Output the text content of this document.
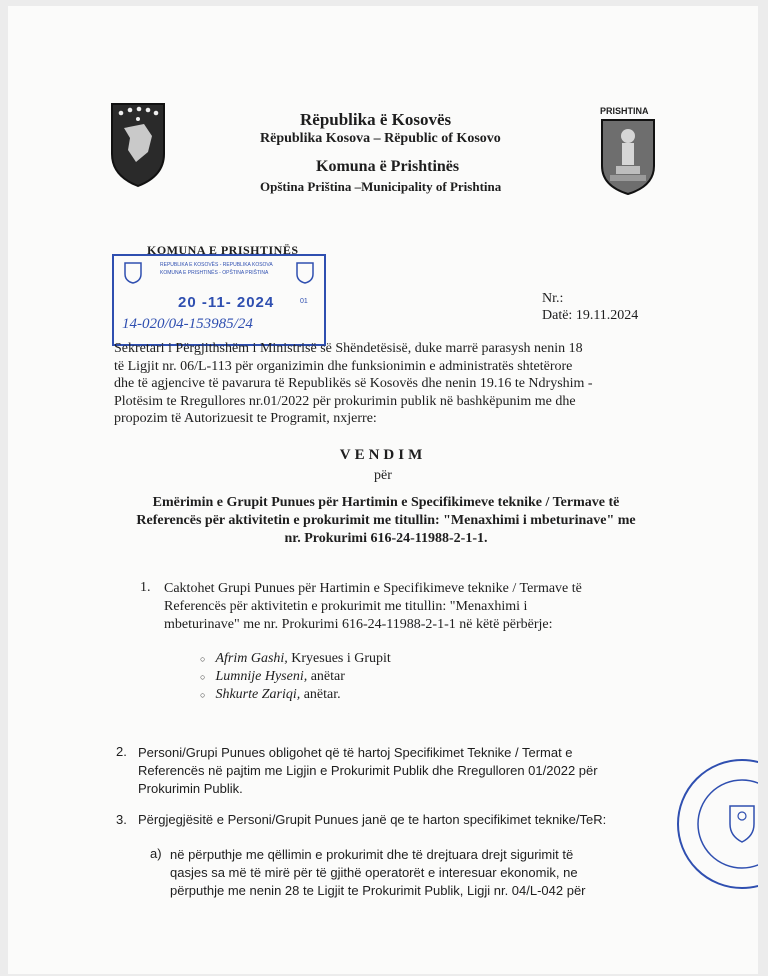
Rëpublika ë Kosovës
Rëpublika Kosova – Rëpublic of Kosovo
Komuna ë Prishtinës
Opština Priština –Municipality of Prishtina
PRISHTINA
KOMUNA E PRISHTINËS
REPUBLIKA E KOSOVËS - REPUBLIKA KOSOVA
KOMUNA E PRISHTINËS - OPŠTINA PRIŠTINA
20 -11- 2024	01
14-020/04-153985/24
Nr.:
Datë: 19.11.2024
Sekretari i Përgjithshëm i Ministrisë së Shëndetësisë, duke marrë parasysh nenin 18
të Ligjit nr. 06/L-113 për organizimin dhe funksionimin e administratës shtetërore
dhe të agjencive të pavarura të Republikës së Kosovës dhe nenin 19.16 te Ndryshim -
Plotësim te Rregullores nr.01/2022 për prokurimin publik në bashkëpunim me dhe
propozim të Autorizuesit te Programit, nxjerre:
VENDIM
për
Emërimin e Grupit Punues për Hartimin e Specifikimeve teknike / Termave të
Referencës për aktivitetin e prokurimit me titullin: "Menaxhimi i mbeturinave" me
nr. Prokurimi 616-24-11988-2-1-1.
1. Caktohet Grupi Punues për Hartimin e Specifikimeve teknike / Termave të
Referencës për aktivitetin e prokurimit me titullin: "Menaxhimi i
mbeturinave" me nr. Prokurimi 616-24-11988-2-1-1 në këtë përbërje:
○ Afrim Gashi, Kryesues i Grupit
○ Lumnije Hyseni, anëtar
○ Shkurte Zariqi, anëtar.
2. Personi/Grupi Punues obligohet që të hartoj Specifikimet Teknike / Termat e
Referencës në pajtim me Ligjin e Prokurimit Publik dhe Rregulloren 01/2022 për
Prokurimin Publik.
3. Përgjegjësitë e Personi/Grupit Punues janë qe te harton specifikimet teknike/TeR:
a) në përputhje me qëllimin e prokurimit dhe të drejtuara drejt sigurimit të
qasjes sa më të mirë për të gjithë operatorët e interesuar ekonomik, ne
përputhje me nenin 28 te Ligjit te Prokurimit Publik, Ligji nr. 04/L-042 për
